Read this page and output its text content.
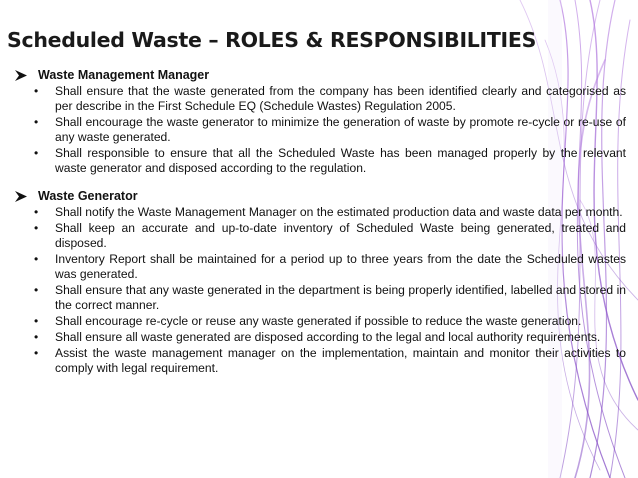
Scheduled Waste – ROLES & RESPONSIBILITIES
Waste Management Manager
• Shall ensure that the waste generated from the company has been identified clearly and categorised as per describe in the First Schedule EQ (Schedule Wastes) Regulation 2005.
• Shall encourage the waste generator to minimize the generation of waste by promote re-cycle or re-use of any waste generated.
• Shall responsible to ensure that all the Scheduled Waste has been managed properly by the relevant waste generator and disposed according to the regulation.
Waste Generator
• Shall notify the Waste Management Manager on the estimated production data and waste data per month.
• Shall keep an accurate and up-to-date inventory of Scheduled Waste being generated, treated and disposed.
• Inventory Report shall be maintained for a period up to three years from the date the Scheduled wastes was generated.
• Shall ensure that any waste generated in the department is being properly identified, labelled and stored in the correct manner.
• Shall encourage re-cycle or reuse any waste generated if possible to reduce the waste generation.
• Shall ensure all waste generated are disposed according to the legal and local authority requirements.
• Assist the waste management manager on the implementation, maintain and monitor their activities to comply with legal requirement.
